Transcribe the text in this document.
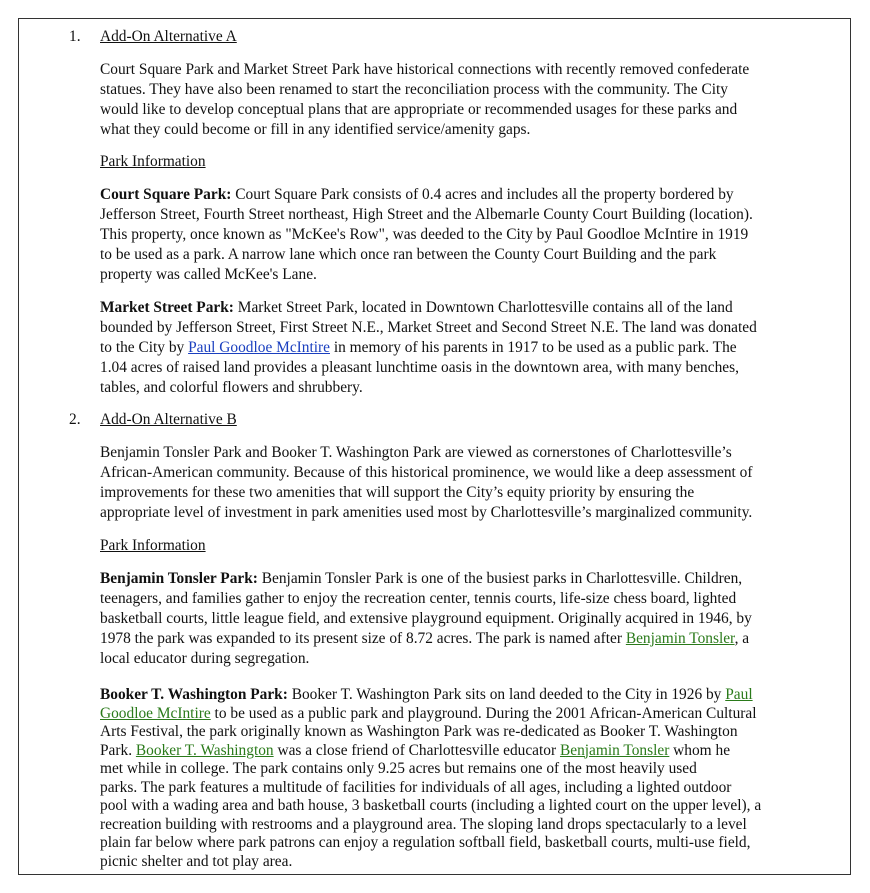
1. Add-On Alternative A

Court Square Park and Market Street Park have historical connections with recently removed confederate

statues. They have also been renamed to start the reconciliation process with the community. The City

would like to develop conceptual plans that are appropriate or recommended usages for these parks and

what they could become or fill in any identified service/amenity gaps.

Park Information

Court Square Park: Court Square Park consists of 0.4 acres and includes all the property bordered by

Jefferson Street, Fourth Street northeast, High Street and the Albemarle County Court Building (location).

This property, once known as "McKee's Row", was deeded to the City by Paul Goodloe McIntire in 1919

to be used as a park. A narrow lane which once ran between the County Court Building and the park

property was called McKee's Lane.

Market Street Park: Market Street Park, located in Downtown Charlottesville contains all of the land

bounded by Jefferson Street, First Street N.E., Market Street and Second Street N.E. The land was donated

to the City by Paul Goodloe McIntire in memory of his parents in 1917 to be used as a public park. The

1.04 acres of raised land provides a pleasant lunchtime oasis in the downtown area, with many benches,

tables, and colorful flowers and shrubbery.

2. Add-On Alternative B

Benjamin Tonsler Park and Booker T. Washington Park are viewed as cornerstones of Charlottesville’s

African-American community. Because of this historical prominence, we would like a deep assessment of

improvements for these two amenities that will support the City’s equity priority by ensuring the

appropriate level of investment in park amenities used most by Charlottesville’s marginalized community.

Park Information

Benjamin Tonsler Park: Benjamin Tonsler Park is one of the busiest parks in Charlottesville. Children,

teenagers, and families gather to enjoy the recreation center, tennis courts, life-size chess board, lighted

basketball courts, little league field, and extensive playground equipment. Originally acquired in 1946, by

1978 the park was expanded to its present size of 8.72 acres. The park is named after Benjamin Tonsler, a

local educator during segregation.

Booker T. Washington Park: Booker T. Washington Park sits on land deeded to the City in 1926 by Paul

Goodloe McIntire to be used as a public park and playground. During the 2001 African-American Cultural

Arts Festival, the park originally known as Washington Park was re-dedicated as Booker T. Washington

Park. Booker T. Washington was a close friend of Charlottesville educator Benjamin Tonsler whom he

met while in college. The park contains only 9.25 acres but remains one of the most heavily used

parks. The park features a multitude of facilities for individuals of all ages, including a lighted outdoor

pool with a wading area and bath house, 3 basketball courts (including a lighted court on the upper level), a

recreation building with restrooms and a playground area. The sloping land drops spectacularly to a level

plain far below where park patrons can enjoy a regulation softball field, basketball courts, multi-use field,

picnic shelter and tot play area.
